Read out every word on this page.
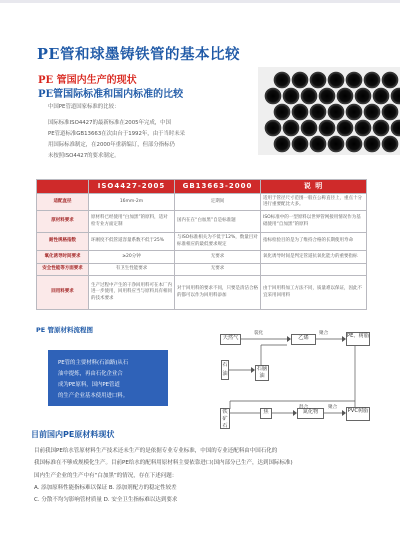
PE管和球墨铸铁管的基本比较
PE 管国内生产的现状
PE管国际标准和国内标准的比较
中国PE管道国家标准的比较：
国际标准ISO4427的最新标准在2005年完成，中国
PE管道标准GB13663在次由台于1992年，由于当时未采
用国际标准制定，在2000年重新编订，但部分指标仍
未按照ISO4427的要求制定。
	ISO4427-2005	GB13663-2000	说 明
适配直径	16mm-2m	定期间	适用于管径尺寸范围一般在公称直径上，重点十分进行重要配比大多。
原材料要求	原材料已经使用“白加黑”的原料，适对检专业方面定制	国内在在“白加黑”自是标准题	ISO标准中的一型原料以世界管网接用情况作为基础使用“自加黑”的原料
耐性规格指数	环刚度不低管道容量系数不低于25%	与ISO标准相关为不低于12%，数量目对标准相应的最低要求规定	指标检验目的是为了维持合格的长期使用寿命
氧化诱导时间要求	≥20分钟	无要求	氧化诱导时间是判定管道抗氧化能力的重要指标
安全性能等方面要求	有卫生性能要求	无要求	
回用料要求	生产过程中产生的干净回用料可在本厂内进一步使用，回用料应当与原料具有相同的技术要求	对于回用料的要求不同，只要是清洁合格的都可以作为回用料添加	由于回用料加工方法不同，质量难以保证，因此不宜采用回用料
PE 管原材料流程图
PE管的主要材料(石油路)从石
油中提炼，再由石化企业合
成为PE原料，国内PE管道
的生产企业基本使用进口料。
裂化	聚合
聚合
天然气	乙烯	PE、树脂
石油
石脑油
铁矿石
焦	氮化物	PVC树脂
目前国内PE原材料现状
目前我国PE给水管原材料生产技术还未生产的是依据专业专业标准，中国的专业还配料由中国石化的
我国标准在不够成规模化生产。目前PE给水的配料用原材料主要依靠进口(国内部分已生产，达到国际标准)
国内生产企业的生产中有“白加黑”的情况，存在下述问题：
A. 添加原料性能指标难以保证 B. 添加剂配方的稳定性较差
C. 分散不均匀影响管材质量 D. 安全卫生指标难以达到要求
